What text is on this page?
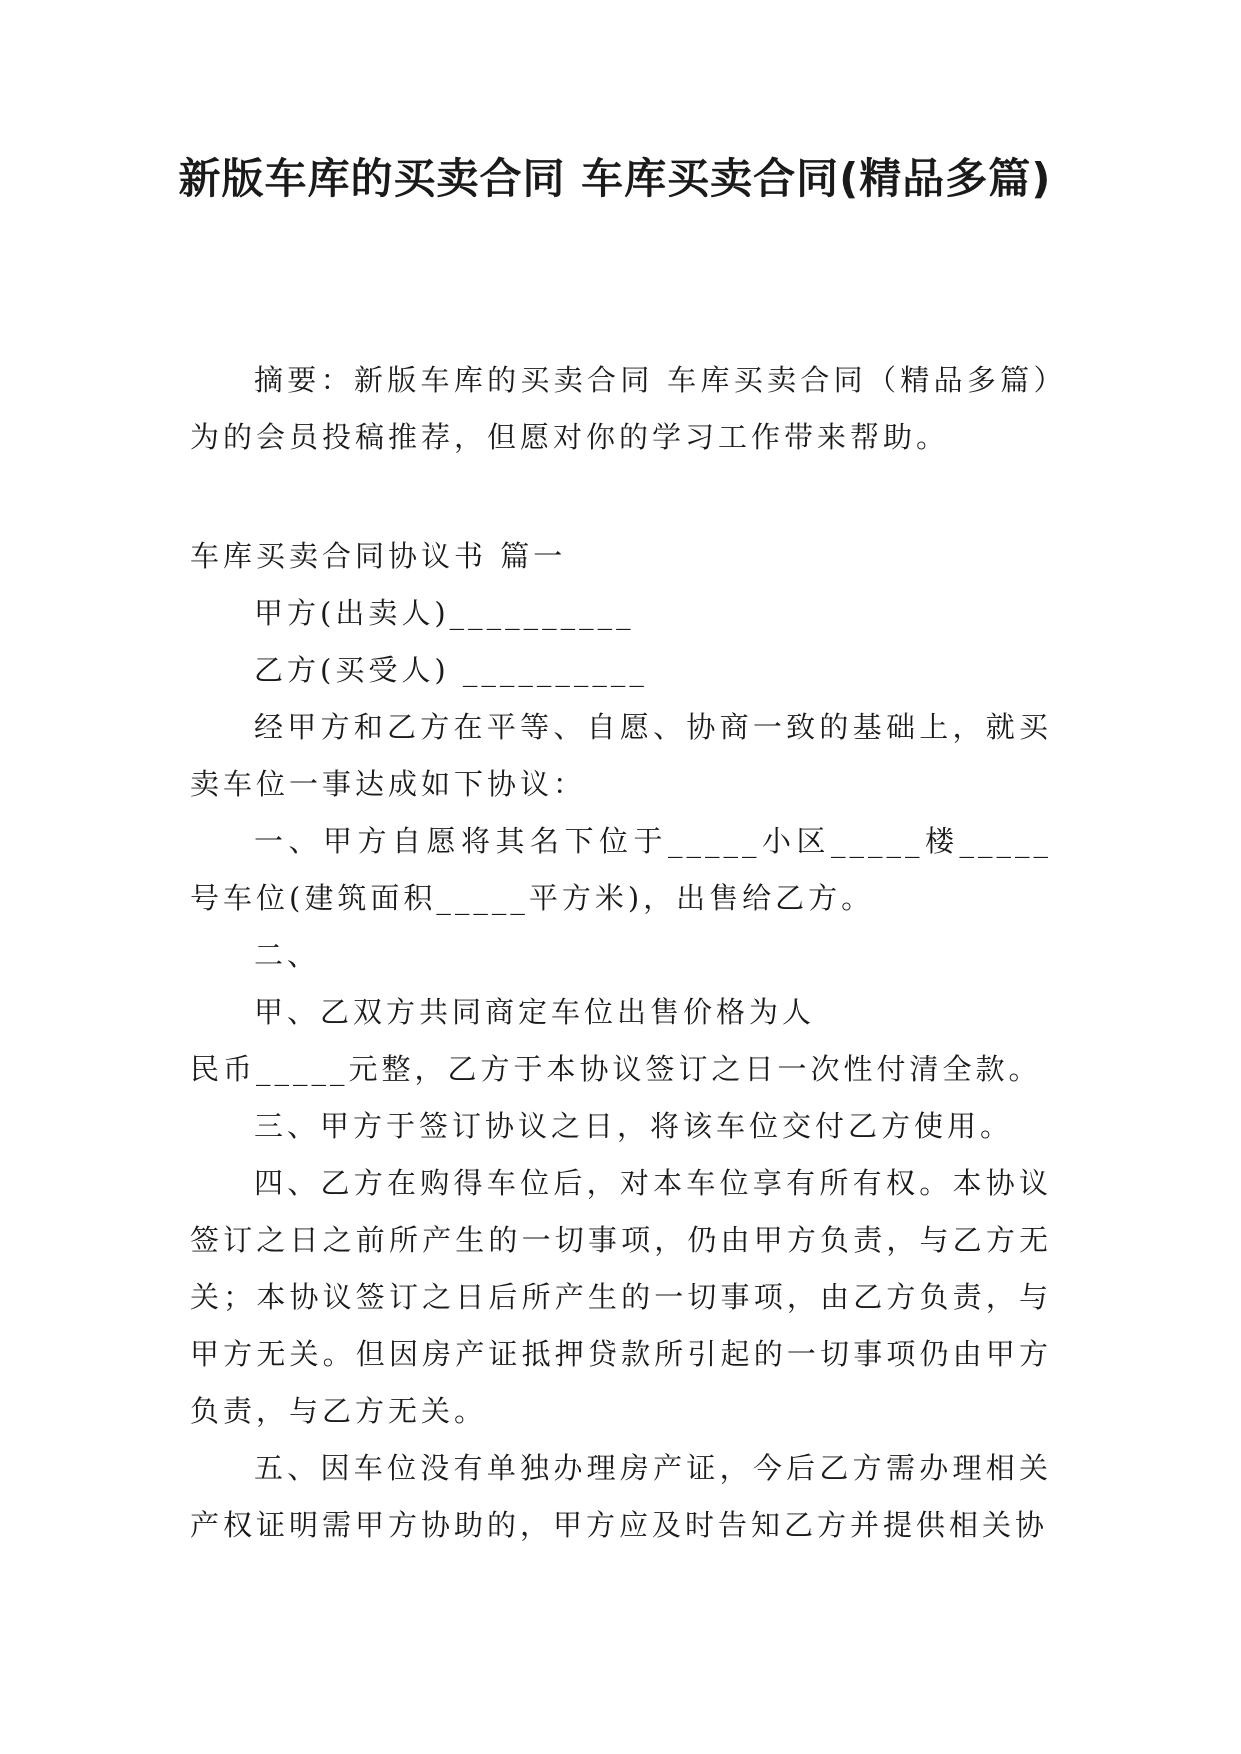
新版车库的买卖合同 车库买卖合同(精品多篇)

摘要：新版车库的买卖合同 车库买卖合同（精品多篇）为的会员投稿推荐，但愿对你的学习工作带来帮助。

车库买卖合同协议书 篇一

甲方(出卖人)__________

乙方(买受人) __________

经甲方和乙方在平等、自愿、协商一致的基础上，就买卖车位一事达成如下协议：

一、甲方自愿将其名下位于_____小区_____楼_____号车位(建筑面积_____平方米)，出售给乙方。

二、

甲、乙双方共同商定车位出售价格为人

民币_____元整，乙方于本协议签订之日一次性付清全款。

三、甲方于签订协议之日，将该车位交付乙方使用。

四、乙方在购得车位后，对本车位享有所有权。本协议签订之日之前所产生的一切事项，仍由甲方负责，与乙方无关；本协议签订之日后所产生的一切事项，由乙方负责，与甲方无关。但因房产证抵押贷款所引起的一切事项仍由甲方负责，与乙方无关。

五、因车位没有单独办理房产证，今后乙方需办理相关产权证明需甲方协助的，甲方应及时告知乙方并提供相关协
